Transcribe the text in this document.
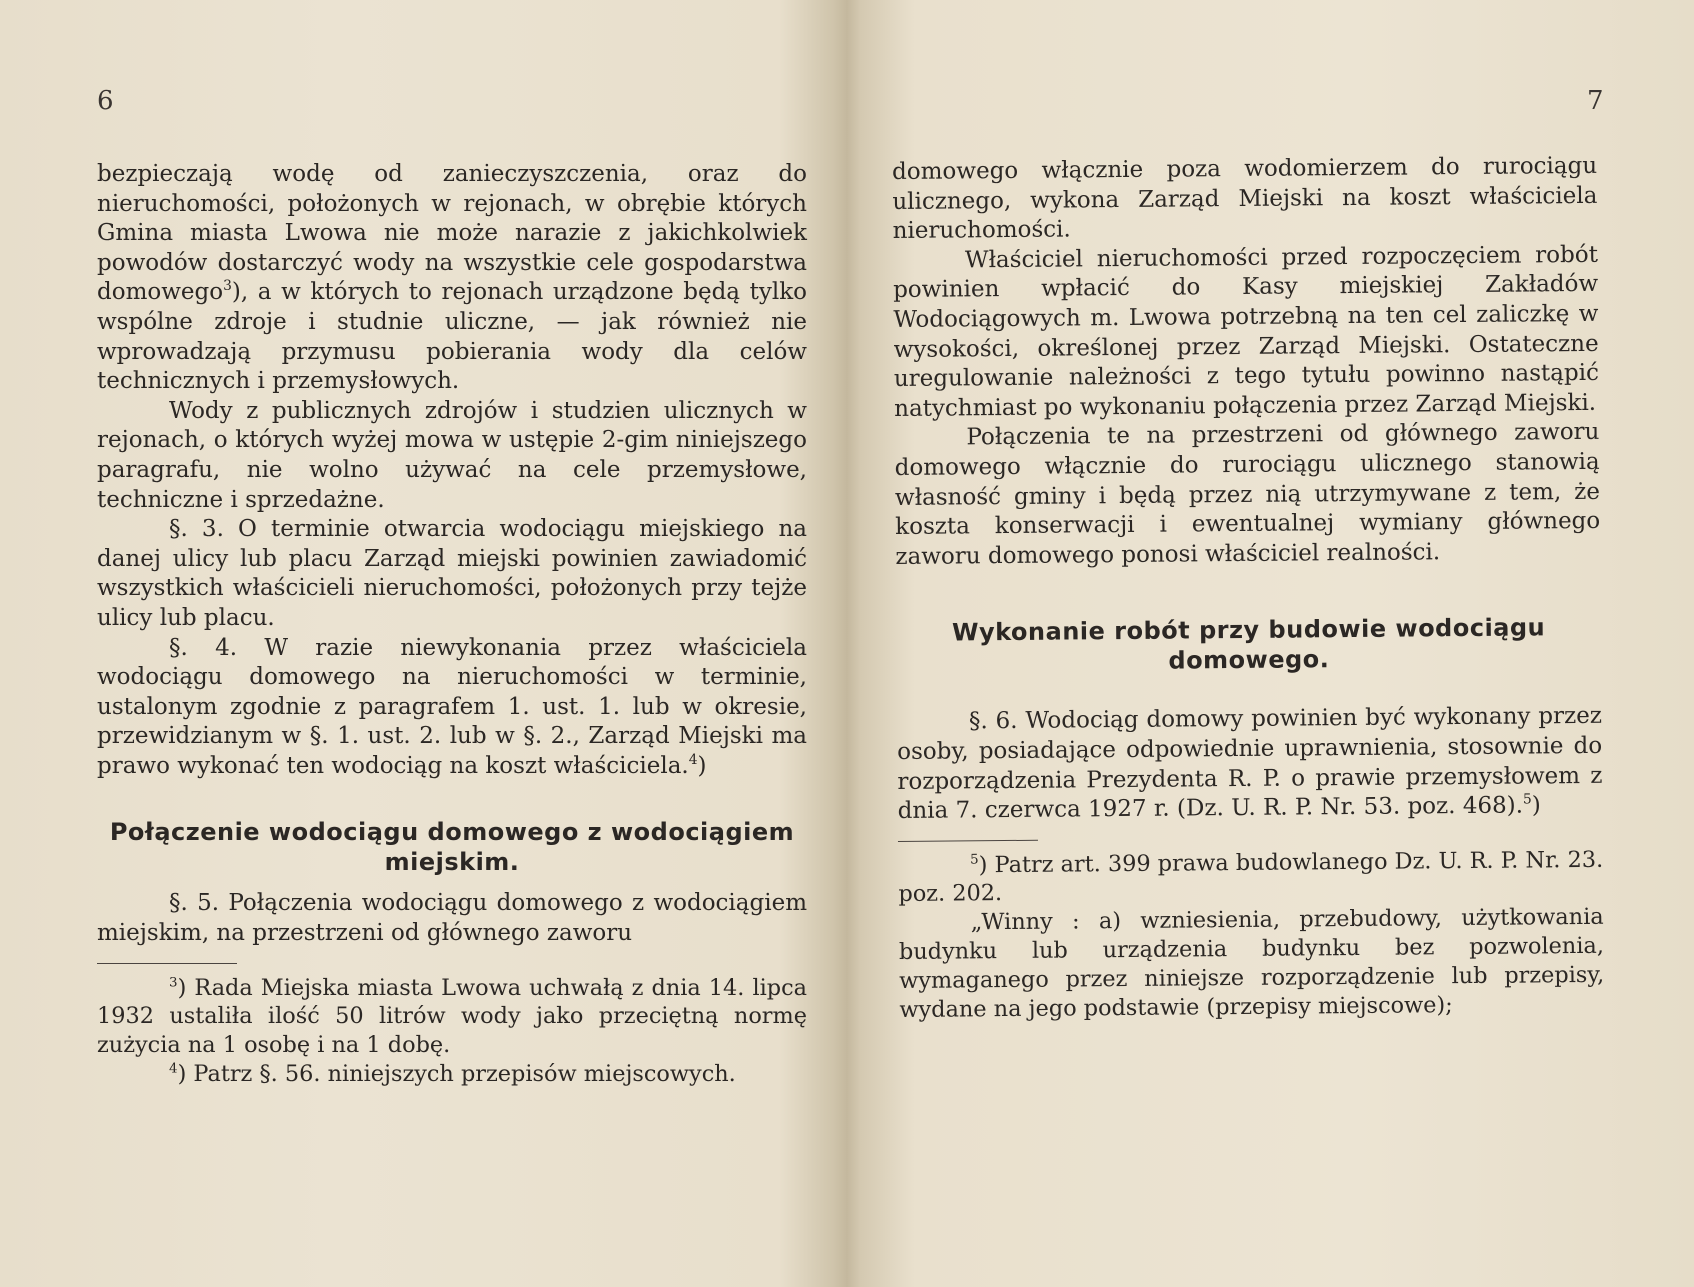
6

bezpieczają wodę od zanieczyszczenia, oraz do nieruchomości, położonych w rejonach, w obrębie których Gmina miasta Lwowa nie może narazie z jakichkolwiek powodów dostarczyć wody na wszystkie cele gospodarstwa domowego$^3$), a w których to rejonach urządzone będą tylko wspólne zdroje i studnie uliczne, — jak również nie wprowadzają przymusu pobierania wody dla celów technicznych i przemysłowych.

Wody z publicznych zdrojów i studzien ulicznych w rejonach, o których wyżej mowa w ustępie 2-gim niniejszego paragrafu, nie wolno używać na cele przemysłowe, techniczne i sprzedażne.

§. 3. O terminie otwarcia wodociągu miejskiego na danej ulicy lub placu Zarząd miejski powinien zawiadomić wszystkich właścicieli nieruchomości, położonych przy tejże ulicy lub placu.

§. 4. W razie niewykonania przez właściciela wodociągu domowego na nieruchomości w terminie, ustalonym zgodnie z paragrafem 1. ust. 1. lub w okresie, przewidzianym w §. 1. ust. 2. lub w §. 2., Zarząd Miejski ma prawo wykonać ten wodociąg na koszt właściciela.$^4$)

Połączenie wodociągu domowego z wodociągiem miejskim.

§. 5. Połączenia wodociągu domowego z wodociągiem miejskim, na przestrzeni od głównego zaworu

$^3$) Rada Miejska miasta Lwowa uchwałą z dnia 14. lipca 1932 ustaliła ilość 50 litrów wody jako przeciętną normę zużycia na 1 osobę i na 1 dobę.

$^4$) Patrz §. 56. niniejszych przepisów miejscowych.

7

domowego włącznie poza wodomierzem do rurociągu ulicznego, wykona Zarząd Miejski na koszt właściciela nieruchomości.

Właściciel nieruchomości przed rozpoczęciem robót powinien wpłacić do Kasy miejskiej Zakładów Wodociągowych m. Lwowa potrzebną na ten cel zaliczkę w wysokości, określonej przez Zarząd Miejski. Ostateczne uregulowanie należności z tego tytułu powinno nastąpić natychmiast po wykonaniu połączenia przez Zarząd Miejski.

Połączenia te na przestrzeni od głównego zaworu domowego włącznie do rurociągu ulicznego stanowią własność gminy i będą przez nią utrzymywane z tem, że koszta konserwacji i ewentualnej wymiany głównego zaworu domowego ponosi właściciel realności.

Wykonanie robót przy budowie wodociągu domowego.

§. 6. Wodociąg domowy powinien być wykonany przez osoby, posiadające odpowiednie uprawnienia, stosownie do rozporządzenia Prezydenta R. P. o prawie przemysłowem z dnia 7. czerwca 1927 r. (Dz. U. R. P. Nr. 53. poz. 468).$^5$)

$^5$) Patrz art. 399 prawa budowlanego Dz. U. R. P. Nr. 23. poz. 202.

„Winny : a) wzniesienia, przebudowy, użytkowania budynku lub urządzenia budynku bez pozwolenia, wymaganego przez niniejsze rozporządzenie lub przepisy, wydane na jego podstawie (przepisy miejscowe);
